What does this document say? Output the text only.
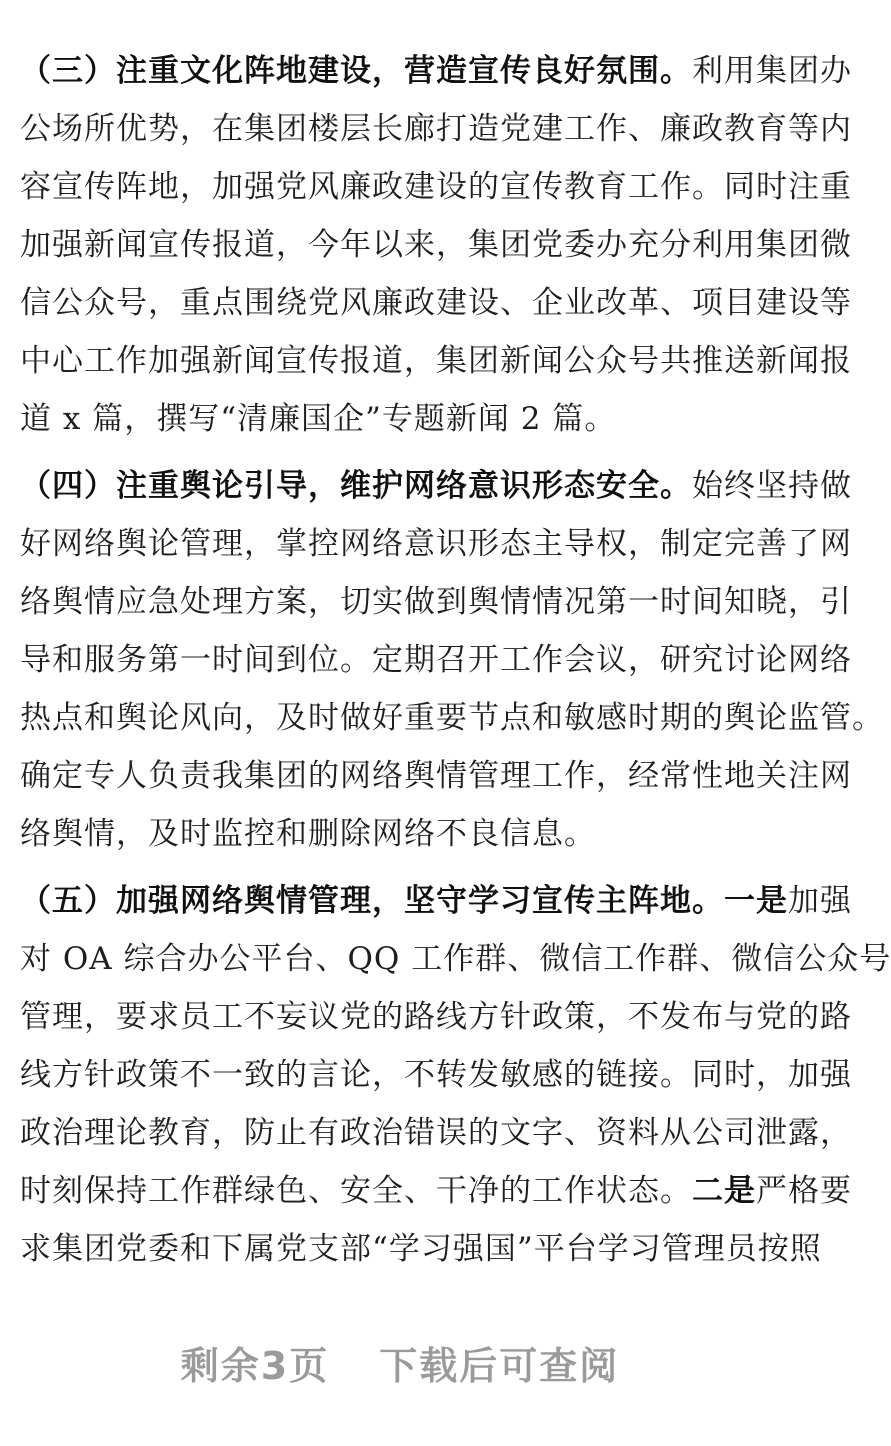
（三）注重文化阵地建设，营造宣传良好氛围。利用集团办
公场所优势，在集团楼层长廊打造党建工作、廉政教育等内
容宣传阵地，加强党风廉政建设的宣传教育工作。同时注重
加强新闻宣传报道，今年以来，集团党委办充分利用集团微
信公众号，重点围绕党风廉政建设、企业改革、项目建设等
中心工作加强新闻宣传报道，集团新闻公众号共推送新闻报
道 x 篇，撰写“清廉国企”专题新闻 2 篇。
（四）注重舆论引导，维护网络意识形态安全。始终坚持做
好网络舆论管理，掌控网络意识形态主导权，制定完善了网
络舆情应急处理方案，切实做到舆情情况第一时间知晓，引
导和服务第一时间到位。定期召开工作会议，研究讨论网络
热点和舆论风向，及时做好重要节点和敏感时期的舆论监管。
确定专人负责我集团的网络舆情管理工作，经常性地关注网
络舆情，及时监控和删除网络不良信息。
（五）加强网络舆情管理，坚守学习宣传主阵地。一是加强
对 OA 综合办公平台、QQ 工作群、微信工作群、微信公众号
管理，要求员工不妄议党的路线方针政策，不发布与党的路
线方针政策不一致的言论，不转发敏感的链接。同时，加强
政治理论教育，防止有政治错误的文字、资料从公司泄露，
时刻保持工作群绿色、安全、干净的工作状态。二是严格要
求集团党委和下属党支部“学习强国”平台学习管理员按照
剩余3页 下载后可查阅
